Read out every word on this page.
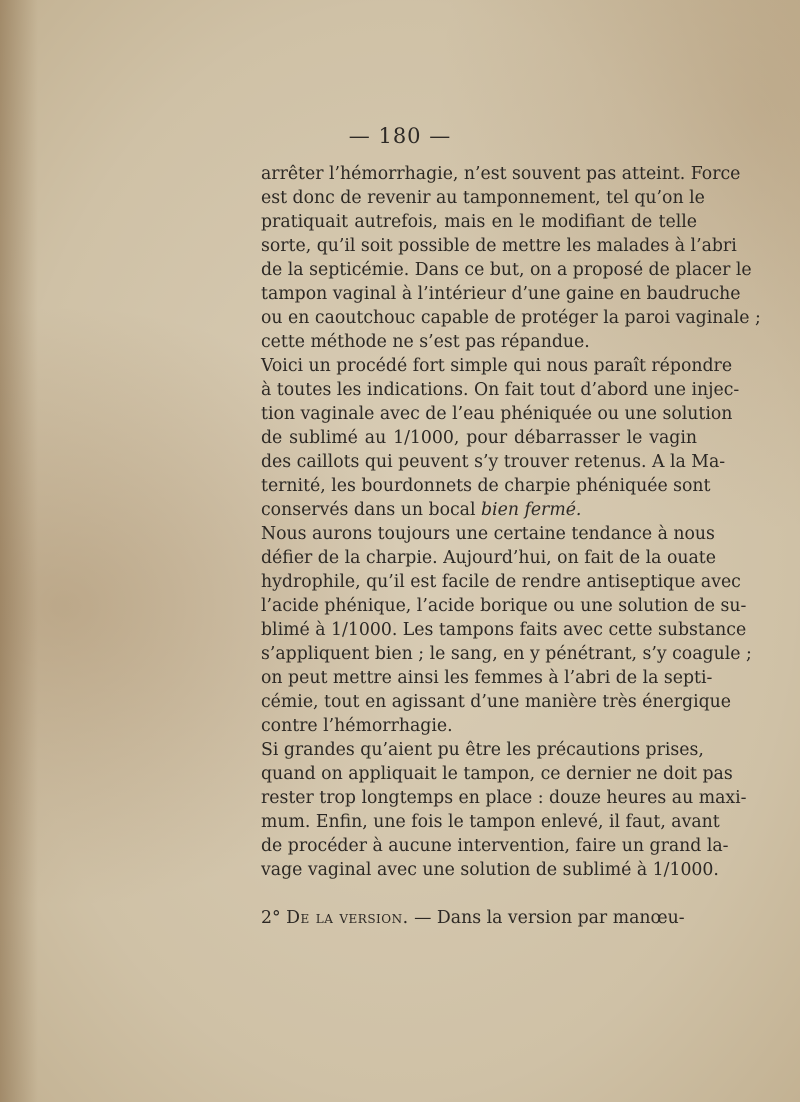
— 180 —
arrêter l’hémorrhagie, n’est souvent pas atteint. Force
est donc de revenir au tamponnement, tel qu’on le
pratiquait autrefois, mais en le modifiant de telle
sorte, qu’il soit possible de mettre les malades à l’abri
de la septicémie. Dans ce but, on a proposé de placer le
tampon vaginal à l’intérieur d’une gaine en baudruche
ou en caoutchouc capable de protéger la paroi vaginale ;
cette méthode ne s’est pas répandue.
Voici un procédé fort simple qui nous paraît répondre
à toutes les indications. On fait tout d’abord une injec-
tion vaginale avec de l’eau phéniquée ou une solution
de sublimé au 1/1000, pour débarrasser le vagin
des caillots qui peuvent s’y trouver retenus. A la Ma-
ternité, les bourdonnets de charpie phéniquée sont
conservés dans un bocal bien fermé.
Nous aurons toujours une certaine tendance à nous
défier de la charpie. Aujourd’hui, on fait de la ouate
hydrophile, qu’il est facile de rendre antiseptique avec
l’acide phénique, l’acide borique ou une solution de su-
blimé à 1/1000. Les tampons faits avec cette substance
s’appliquent bien ; le sang, en y pénétrant, s’y coagule ;
on peut mettre ainsi les femmes à l’abri de la septi-
cémie, tout en agissant d’une manière très énergique
contre l’hémorrhagie.
Si grandes qu’aient pu être les précautions prises,
quand on appliquait le tampon, ce dernier ne doit pas
rester trop longtemps en place : douze heures au maxi-
mum. Enfin, une fois le tampon enlevé, il faut, avant
de procéder à aucune intervention, faire un grand la-
vage vaginal avec une solution de sublimé à 1/1000.
2° De la version. — Dans la version par manœu-
